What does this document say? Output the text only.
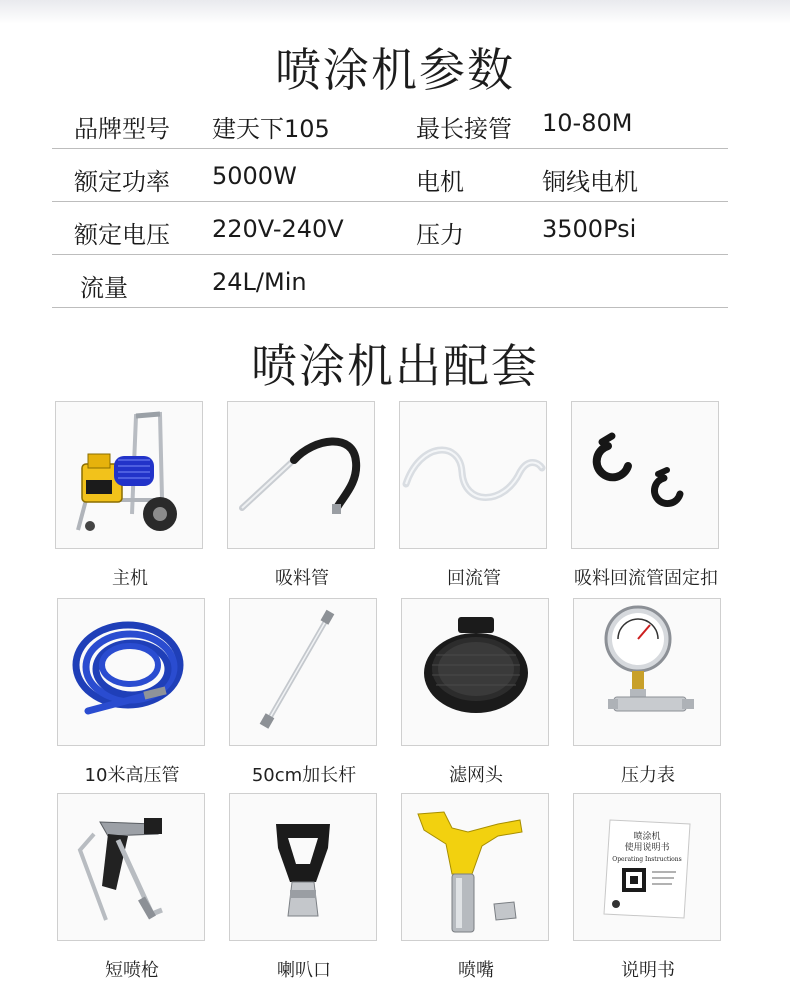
喷涂机参数
品牌型号 建天下105	最长接管 10-80M
额定功率 5000W	电机	铜线电机
额定电压 220V-240V	压力	3500Psi
流量	24L/Min
喷涂机出配套
主机	吸料管	回流管	吸料回流管固定扣
10米高压管	50cm加长杆	滤网头	压力表
短喷枪	喇叭口	喷嘴
喷涂机
使用说明书
Operating Instructions
说明书
